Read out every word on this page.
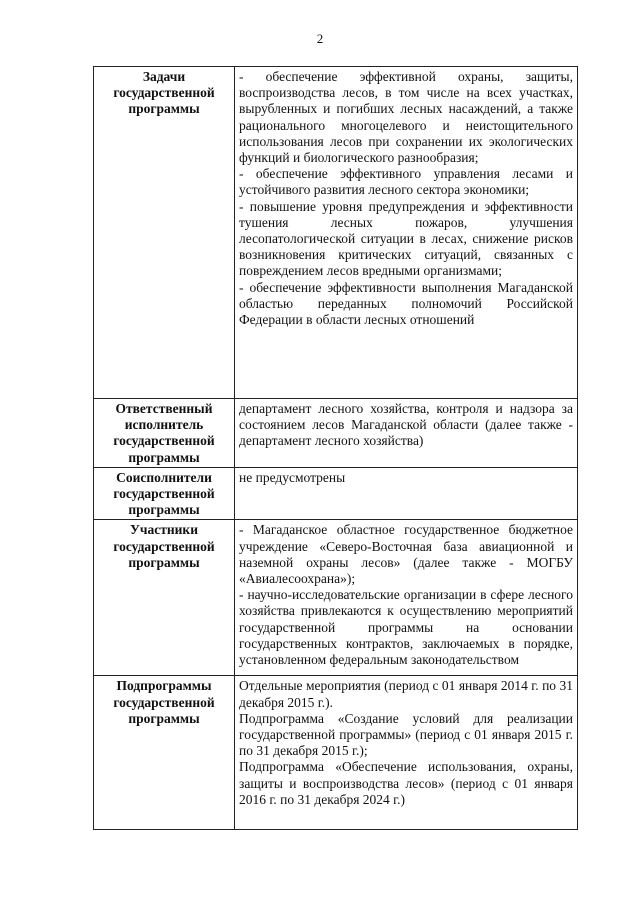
2
Задачи государственной программы	- обеспечение эффективной охраны, защиты, воспроизводства лесов, в том числе на всех участках, вырубленных и погибших лесных насаждений, а также рационального многоцелевого и неистощительного использования лесов при сохранении их экологических функций и биологического разнообразия;
- обеспечение эффективного управления лесами и устойчивого развития лесного сектора экономики;
- повышение уровня предупреждения и эффективности тушения лесных пожаров, улучшения лесопатологической ситуации в лесах, снижение рисков возникновения критических ситуаций, связанных с повреждением лесов вредными организмами;
- обеспечение эффективности выполнения Магаданской областью переданных полномочий Российской Федерации в области лесных отношений

Ответственный исполнитель государственной программы	департамент лесного хозяйства, контроля и надзора за состоянием лесов Магаданской области (далее также - департамент лесного хозяйства)

Соисполнители государственной программы	не предусмотрены

Участники государственной программы	- Магаданское областное государственное бюджетное учреждение «Северо-Восточная база авиационной и наземной охраны лесов» (далее также - МОГБУ «Авиалесоохрана»);
- научно-исследовательские организации в сфере лесного хозяйства привлекаются к осуществлению мероприятий государственной программы на основании государственных контрактов, заключаемых в порядке, установленном федеральным законодательством

Подпрограммы государственной программы	Отдельные мероприятия (период с 01 января 2014 г. по 31 декабря 2015 г.).
Подпрограмма «Создание условий для реализации государственной программы» (период с 01 января 2015 г. по 31 декабря 2015 г.);
Подпрограмма «Обеспечение использования, охраны, защиты и воспроизводства лесов» (период с 01 января 2016 г. по 31 декабря 2024 г.)
